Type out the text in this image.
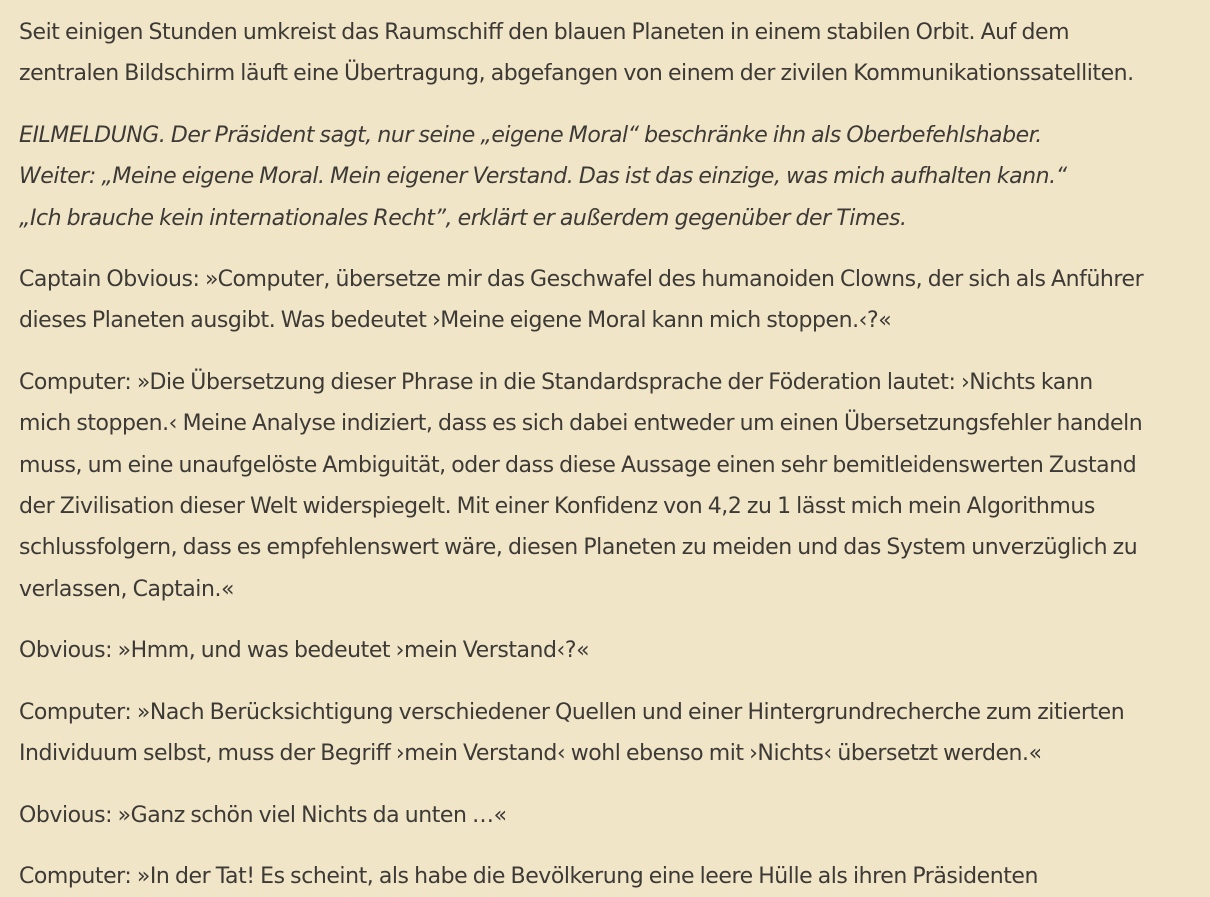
Seit einigen Stunden umkreist das Raumschiff den blauen Planeten in einem stabilen Orbit. Auf dem
zentralen Bildschirm läuft eine Übertragung, abgefangen von einem der zivilen Kommunikationssatelliten.

EILMELDUNG. Der Präsident sagt, nur seine „eigene Moral“ beschränke ihn als Oberbefehlshaber.
Weiter: „Meine eigene Moral. Mein eigener Verstand. Das ist das einzige, was mich aufhalten kann.“
„Ich brauche kein internationales Recht”, erklärt er außerdem gegenüber der Times.

Captain Obvious: »Computer, übersetze mir das Geschwafel des humanoiden Clowns, der sich als Anführer
dieses Planeten ausgibt. Was bedeutet ›Meine eigene Moral kann mich stoppen.‹?«

Computer: »Die Übersetzung dieser Phrase in die Standardsprache der Föderation lautet: ›Nichts kann
mich stoppen.‹ Meine Analyse indiziert, dass es sich dabei entweder um einen Übersetzungsfehler handeln
muss, um eine unaufgelöste Ambiguität, oder dass diese Aussage einen sehr bemitleidenswerten Zustand
der Zivilisation dieser Welt widerspiegelt. Mit einer Konfidenz von 4,2 zu 1 lässt mich mein Algorithmus
schlussfolgern, dass es empfehlenswert wäre, diesen Planeten zu meiden und das System unverzüglich zu
verlassen, Captain.«

Obvious: »Hmm, und was bedeutet ›mein Verstand‹?«

Computer: »Nach Berücksichtigung verschiedener Quellen und einer Hintergrundrecherche zum zitierten
Individuum selbst, muss der Begriff ›mein Verstand‹ wohl ebenso mit ›Nichts‹ übersetzt werden.«

Obvious: »Ganz schön viel Nichts da unten …«

Computer: »In der Tat! Es scheint, als habe die Bevölkerung eine leere Hülle als ihren Präsidenten
